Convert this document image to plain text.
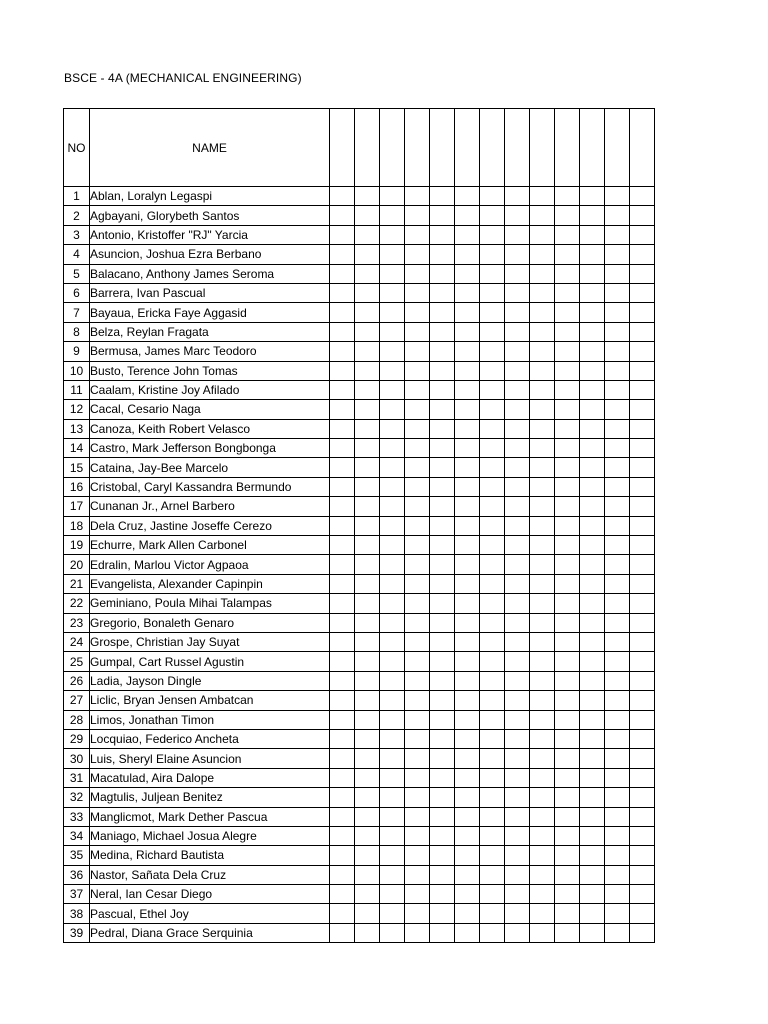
BSCE - 4A (MECHANICAL ENGINEERING)
NO	NAME													
1	Ablan, Loralyn Legaspi													
2	Agbayani, Glorybeth Santos													
3	Antonio, Kristoffer "RJ" Yarcia													
4	Asuncion, Joshua Ezra Berbano													
5	Balacano, Anthony James Seroma													
6	Barrera, Ivan Pascual													
7	Bayaua, Ericka Faye Aggasid													
8	Belza, Reylan Fragata													
9	Bermusa, James Marc Teodoro													
10	Busto, Terence John Tomas													
11	Caalam, Kristine Joy Afilado													
12	Cacal, Cesario Naga													
13	Canoza, Keith Robert Velasco													
14	Castro, Mark Jefferson Bongbonga													
15	Cataina, Jay-Bee Marcelo													
16	Cristobal, Caryl Kassandra Bermundo													
17	Cunanan Jr., Arnel Barbero													
18	Dela Cruz, Jastine Joseffe Cerezo													
19	Echurre, Mark Allen Carbonel													
20	Edralin, Marlou Victor Agpaoa													
21	Evangelista, Alexander Capinpin													
22	Geminiano, Poula Mihai Talampas													
23	Gregorio, Bonaleth Genaro													
24	Grospe, Christian Jay Suyat													
25	Gumpal, Cart Russel Agustin													
26	Ladia, Jayson Dingle													
27	Liclic, Bryan Jensen Ambatcan													
28	Limos, Jonathan Timon													
29	Locquiao, Federico Ancheta													
30	Luis, Sheryl Elaine Asuncion													
31	Macatulad, Aira Dalope													
32	Magtulis, Juljean Benitez													
33	Manglicmot, Mark Dether Pascua													
34	Maniago, Michael Josua Alegre													
35	Medina, Richard Bautista													
36	Nastor, Sañata Dela Cruz													
37	Neral, Ian Cesar Diego													
38	Pascual, Ethel Joy													
39	Pedral, Diana Grace Serquinia													
